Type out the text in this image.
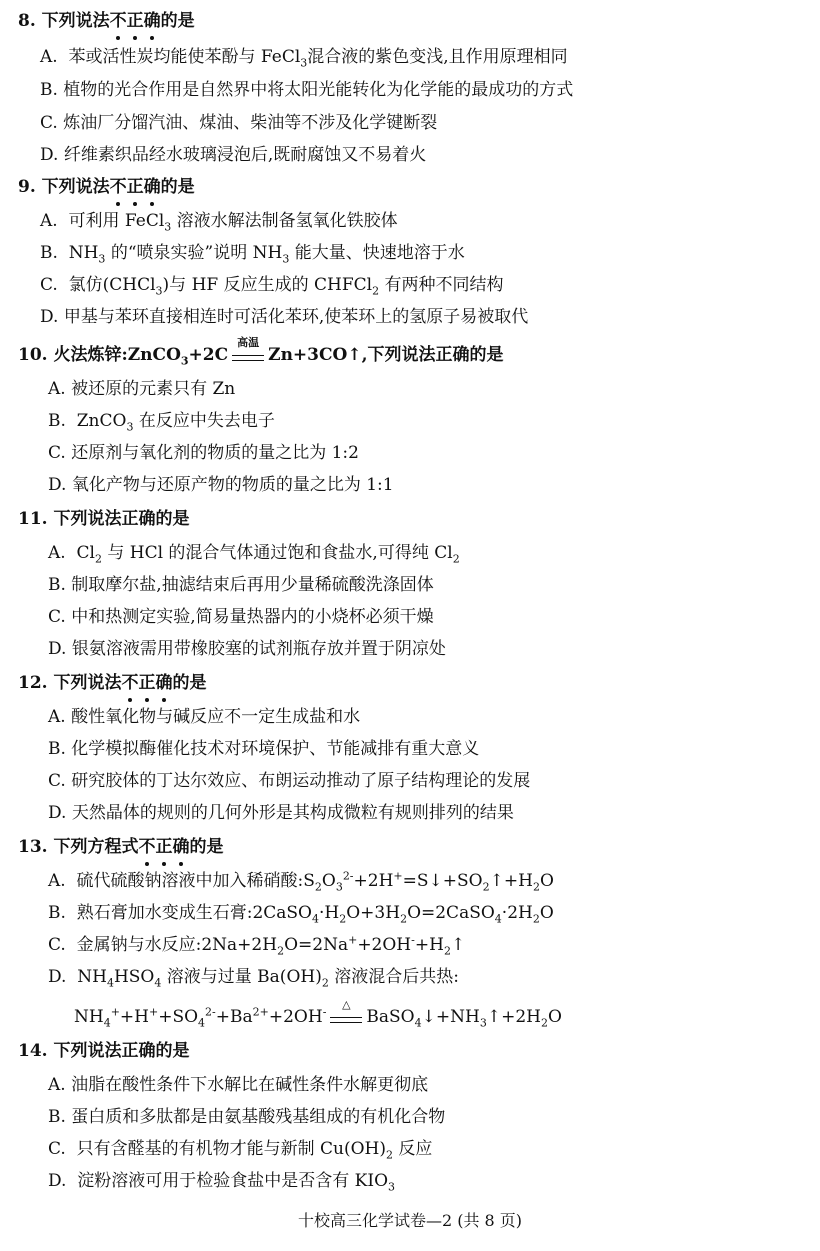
8. 下列说法不正确的是
A. 苯或活性炭均能使苯酚与 FeCl$_3$混合液的紫色变浅,且作用原理相同
B. 植物的光合作用是自然界中将太阳光能转化为化学能的最成功的方式
C. 炼油厂分馏汽油、煤油、柴油等不涉及化学键断裂
D. 纤维素织品经水玻璃浸泡后,既耐腐蚀又不易着火
9. 下列说法不正确的是
A. 可利用 FeCl$_3$ 溶液水解法制备氢氧化铁胶体
B. $NH_3$ 的“喷泉实验”说明 $NH_3$ 能大量、快速地溶于水
C. 氯仿(CHCl$_3$)与 HF 反应生成的 CHFCl$_2$ 有两种不同结构
D. 甲基与苯环直接相连时可活化苯环,使苯环上的氢原子易被取代
10. 火法炼锌:ZnCO$_3$+2C
高温
Zn+3CO↑,下列说法正确的是
A. 被还原的元素只有 Zn
B. ZnCO$_3$ 在反应中失去电子
C. 还原剂与氧化剂的物质的量之比为 1:2
D. 氧化产物与还原产物的物质的量之比为 1:1
11. 下列说法正确的是
A. $Cl_2$ 与 HCl 的混合气体通过饱和食盐水,可得纯 $Cl_2$
B. 制取摩尔盐,抽滤结束后再用少量稀硫酸洗涤固体
C. 中和热测定实验,简易量热器内的小烧杯必须干燥
D. 银氨溶液需用带橡胶塞的试剂瓶存放并置于阴凉处
12. 下列说法不正确的是
A. 酸性氧化物与碱反应不一定生成盐和水
B. 化学模拟酶催化技术对环境保护、节能减排有重大意义
C. 研究胶体的丁达尔效应、布朗运动推动了原子结构理论的发展
D. 天然晶体的规则的几何外形是其构成微粒有规则排列的结果
13. 下列方程式不正确的是
A. 硫代硫酸钠溶液中加入稀硝酸$:S_2O_3^{2-}+2H^+=S↓+SO_2↑+H_2O$
B. 熟石膏加水变成生石膏$:2CaSO_4\cdot H_2O+3H_2O=2CaSO_4\cdot 2H_2O$
C. 金属钠与水反应$:2Na+2H_2O=2Na^++2OH^-+H_2↑$
D. $NH_4HSO_4$ 溶液与过量 $Ba(OH)_2$ 溶液混合后共热:
$NH_4^++H^++SO_4^{2-}+Ba^{2+}+2OH^-$
△
$BaSO_4↓+NH_3↑+2H_2O$
14. 下列说法正确的是
A. 油脂在酸性条件下水解比在碱性条件水解更彻底
B. 蛋白质和多肽都是由氨基酸残基组成的有机化合物
C. 只有含醛基的有机物才能与新制 $Cu(OH)_2$ 反应
D. 淀粉溶液可用于检验食盐中是否含有 $KIO_3$
十校高三化学试卷—2 (共 8 页)
